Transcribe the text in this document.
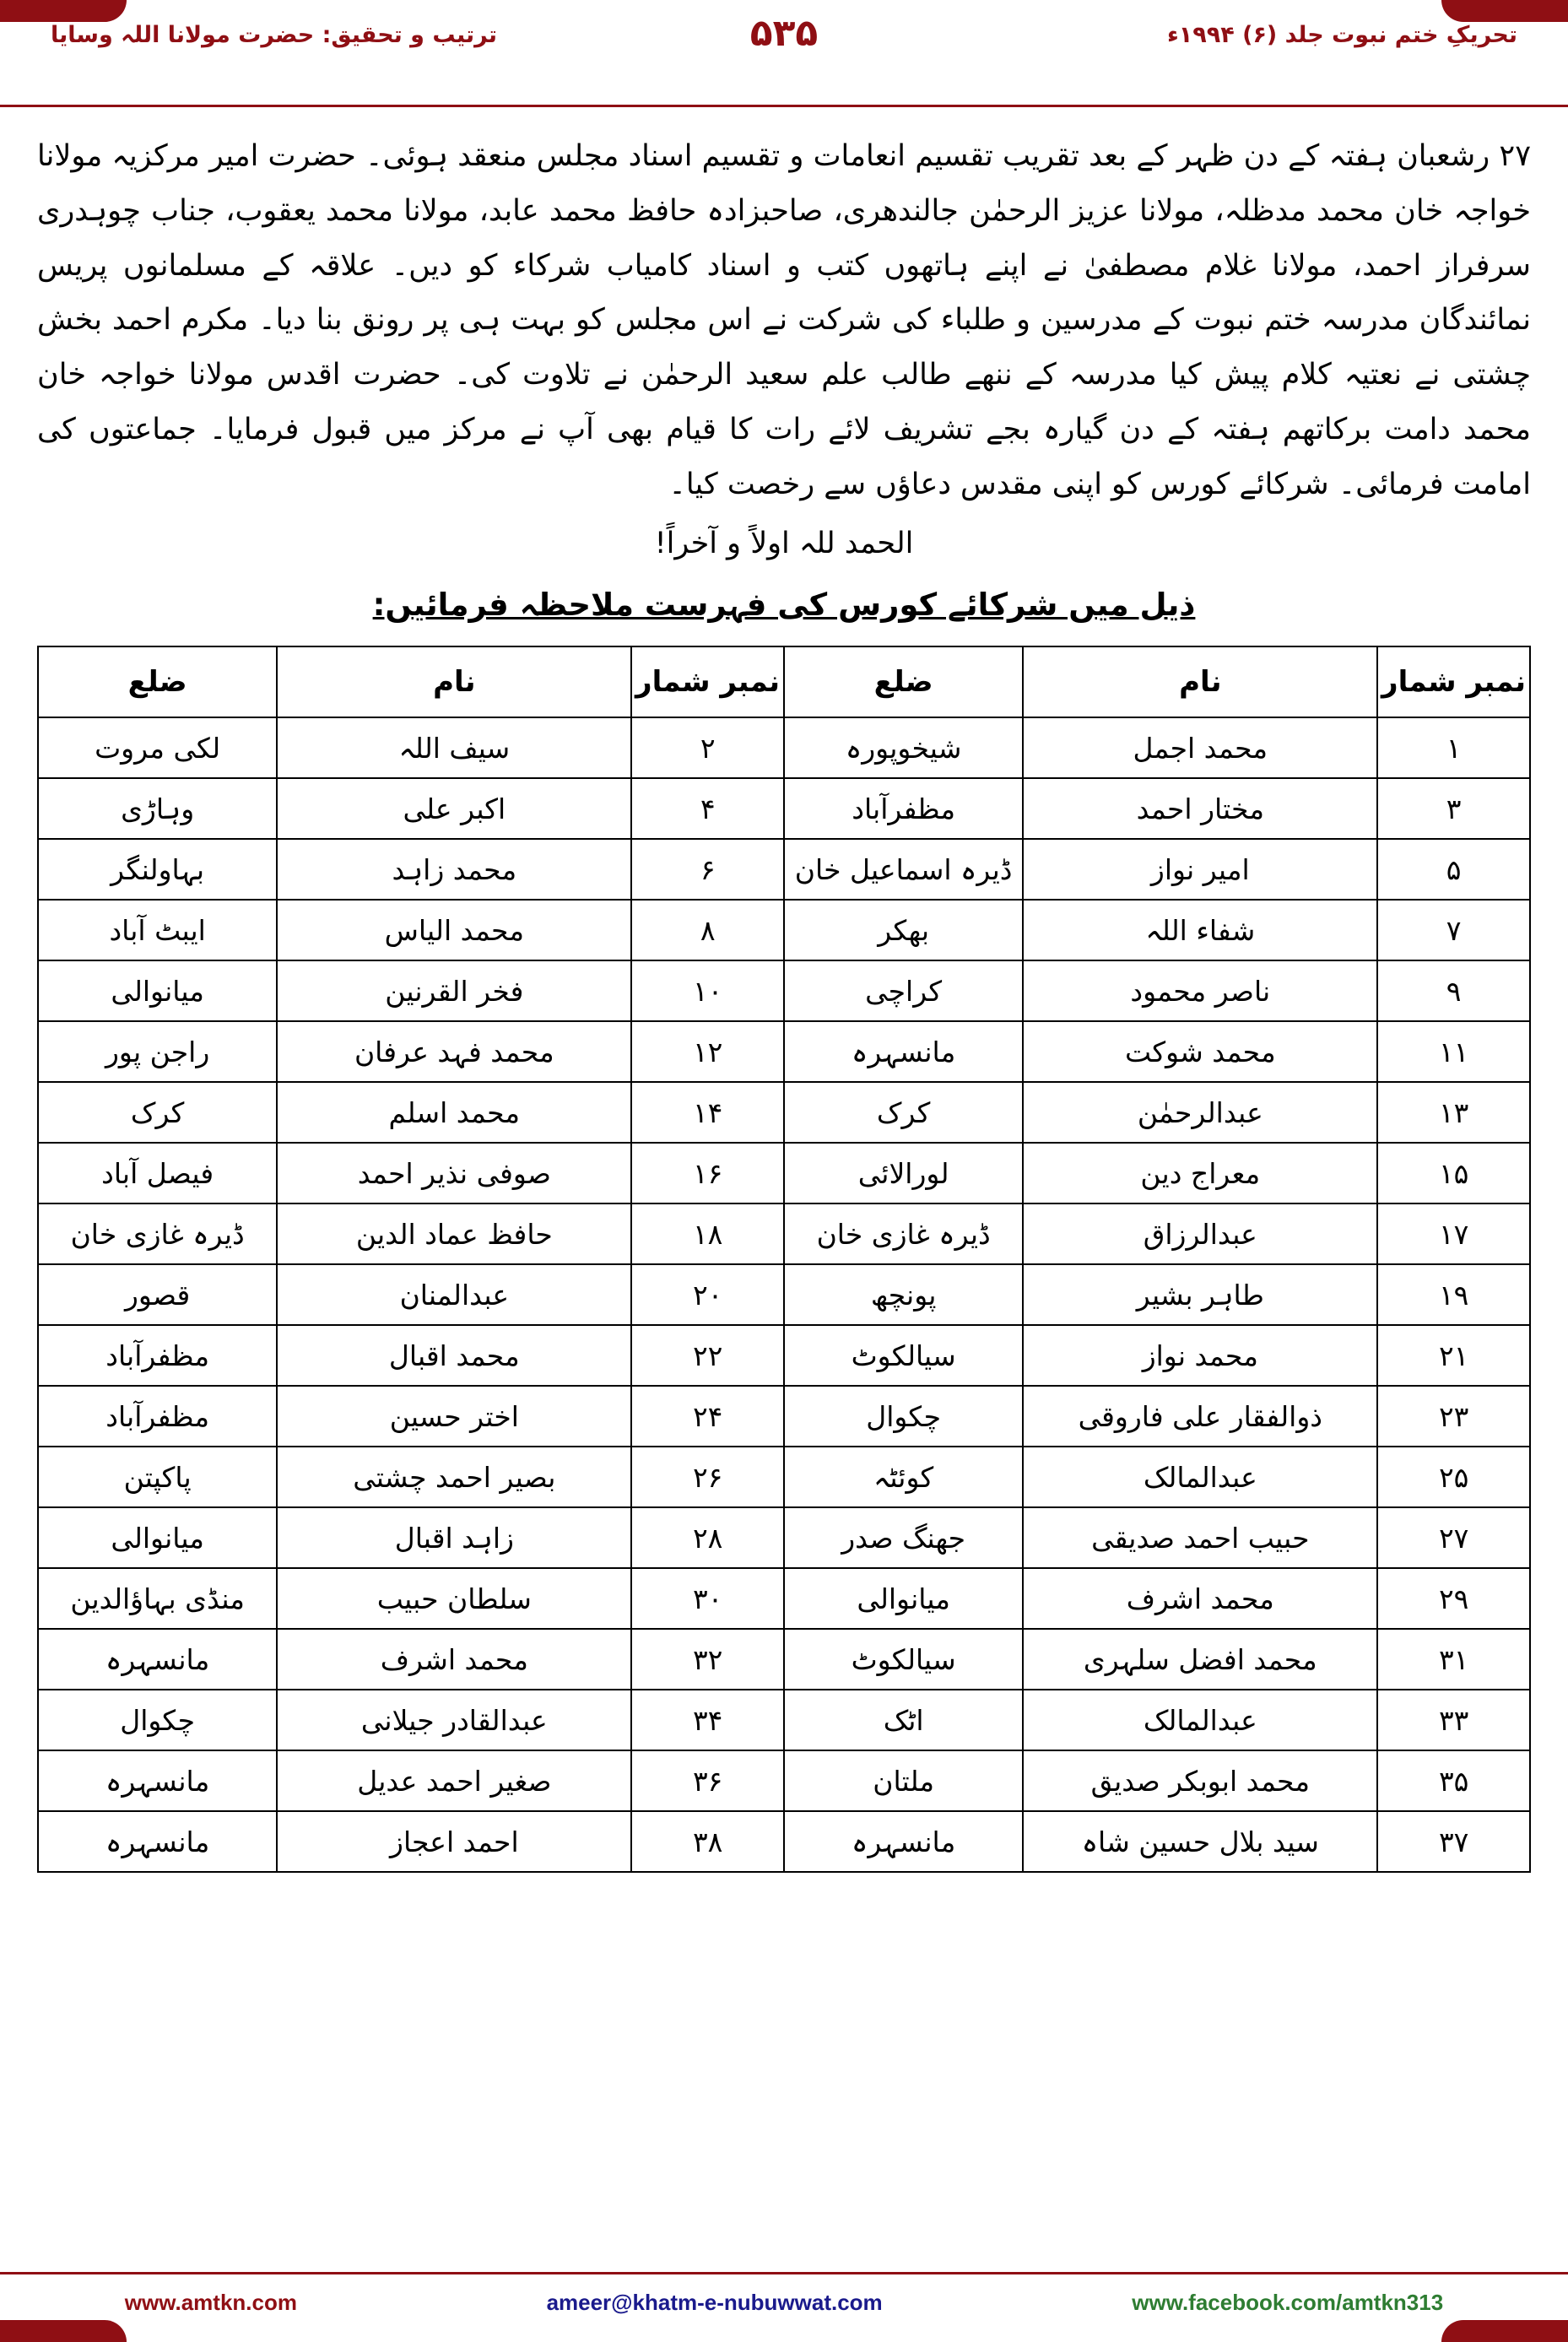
ترتیب و تحقیق: حضرت مولانا اللہ وسایا	۵۳۵	تحریکِ ختم نبوت جلد (۶) ۱۹۹۴ء

۲۷ رشعبان ہفتہ کے دن ظہر کے بعد تقریب تقسیم انعامات و تقسیم اسناد مجلس منعقد ہوئی۔ حضرت امیر مرکزیہ مولانا خواجہ خان محمد مدظلہ، مولانا عزیز الرحمٰن جالندھری، صاحبزادہ حافظ محمد عابد، مولانا محمد یعقوب، جناب چوہدری سرفراز احمد، مولانا غلام مصطفیٰ نے اپنے ہاتھوں کتب و اسناد کامیاب شرکاء کو دیں۔ علاقہ کے مسلمانوں پریس نمائندگان مدرسہ ختم نبوت کے مدرسین و طلباء کی شرکت نے اس مجلس کو بہت ہی پر رونق بنا دیا۔ مکرم احمد بخش چشتی نے نعتیہ کلام پیش کیا مدرسہ کے ننھے طالب علم سعید الرحمٰن نے تلاوت کی۔ حضرت اقدس مولانا خواجہ خان محمد دامت برکاتھم ہفتہ کے دن گیارہ بجے تشریف لائے رات کا قیام بھی آپ نے مرکز میں قبول فرمایا۔ جماعتوں کی امامت فرمائی۔ شرکائے کورس کو اپنی مقدس دعاؤں سے رخصت کیا۔

الحمد للہ اولاً و آخراً!

ذیل میں شرکائے کورس کی فہرست ملاحظہ فرمائیں:
نمبر شمار	نام	ضلع	نمبر شمار	نام	ضلع
۱	محمد اجمل	شیخوپورہ	۲	سیف اللہ	لکی مروت
۳	مختار احمد	مظفرآباد	۴	اکبر علی	وہاڑی
۵	امیر نواز	ڈیرہ اسماعیل خان	۶	محمد زاہد	بہاولنگر
۷	شفاء اللہ	بھکر	۸	محمد الیاس	ایبٹ آباد
۹	ناصر محمود	کراچی	۱۰	فخر القرنین	میانوالی
۱۱	محمد شوکت	مانسہرہ	۱۲	محمد فہد عرفان	راجن پور
۱۳	عبدالرحمٰن	کرک	۱۴	محمد اسلم	کرک
۱۵	معراج دین	لورالائی	۱۶	صوفی نذیر احمد	فیصل آباد
۱۷	عبدالرزاق	ڈیرہ غازی خان	۱۸	حافظ عماد الدین	ڈیرہ غازی خان
۱۹	طاہر بشیر	پونچھ	۲۰	عبدالمنان	قصور
۲۱	محمد نواز	سیالکوٹ	۲۲	محمد اقبال	مظفرآباد
۲۳	ذوالفقار علی فاروقی	چکوال	۲۴	اختر حسین	مظفرآباد
۲۵	عبدالمالک	کوئٹہ	۲۶	بصیر احمد چشتی	پاکپتن
۲۷	حبیب احمد صدیقی	جھنگ صدر	۲۸	زاہد اقبال	میانوالی
۲۹	محمد اشرف	میانوالی	۳۰	سلطان حبیب	منڈی بہاؤالدین
۳۱	محمد افضل سلہری	سیالکوٹ	۳۲	محمد اشرف	مانسہرہ
۳۳	عبدالمالک	اٹک	۳۴	عبدالقادر جیلانی	چکوال
۳۵	محمد ابوبکر صدیق	ملتان	۳۶	صغیر احمد عدیل	مانسہرہ
۳۷	سید بلال حسین شاہ	مانسہرہ	۳۸	احمد اعجاز	مانسہرہ
www.amtkn.com	ameer@khatm-e-nubuwwat.com	www.facebook.com/amtkn313
